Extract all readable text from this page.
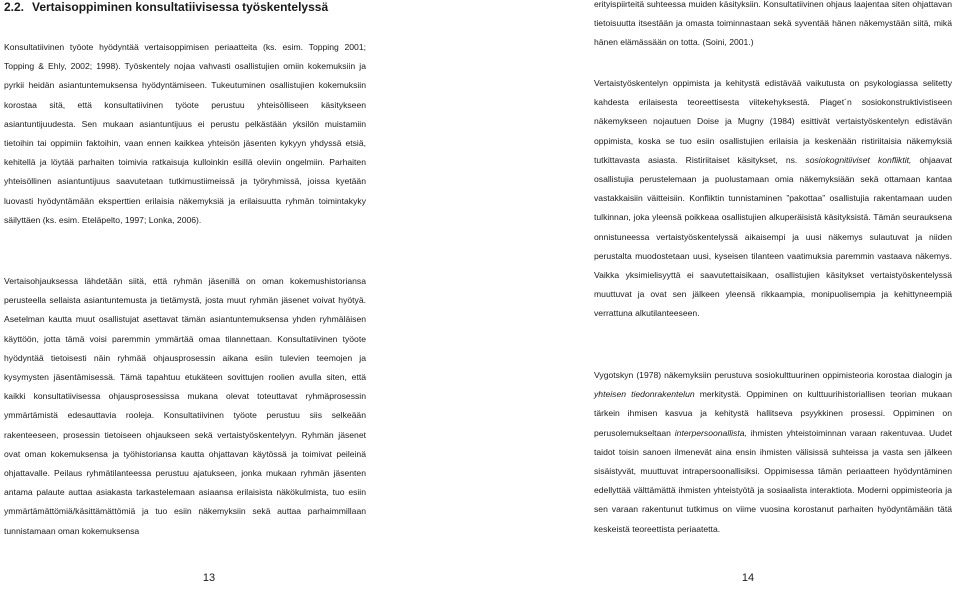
2.2. Vertaisoppiminen konsultatiivisessa työskentelyssä

Konsultatiivinen työote hyödyntää vertaisoppimisen periaatteita (ks. esim. Topping 2001; Topping & Ehly, 2002; 1998). Työskentely nojaa vahvasti osallistujien omiin kokemuksiin ja pyrkii heidän asiantuntemuksensa hyödyntämiseen. Tukeutuminen osallistujien kokemuksiin korostaa sitä, että konsultatiivinen työote perustuu yhteisölliseen käsitykseen asiantuntijuudesta. Sen mukaan asiantuntijuus ei perustu pelkästään yksilön muistamiin tietoihin tai oppimiin faktoihin, vaan ennen kaikkea yhteisön jäsenten kykyyn yhdyssä etsiä, kehitellä ja löytää parhaiten toimivia ratkaisuja kulloinkin esillä oleviin ongelmiin. Parhaiten yhteisöllinen asiantuntijuus saavutetaan tutkimustiimeissä ja työryhmissä, joissa kyetään luovasti hyödyntämään eksperttien erilaisia näkemyksiä ja erilaisuutta ryhmän toimintakyky säilyttäen (ks. esim. Eteläpelto, 1997; Lonka, 2006).

Vertaisohjauksessa lähdetään siitä, että ryhmän jäsenillä on oman kokemushistoriansa perusteella sellaista asiantuntemusta ja tietämystä, josta muut ryhmän jäsenet voivat hyötyä. Asetelman kautta muut osallistujat asettavat tämän asiantuntemuksensa yhden ryhmäläisen käyttöön, jotta tämä voisi paremmin ymmärtää omaa tilannettaan. Konsultatiivinen työote hyödyntää tietoisesti näin ryhmää ohjausprosessin aikana esiin tulevien teemojen ja kysymysten jäsentämisessä. Tämä tapahtuu etukäteen sovittujen roolien avulla siten, että kaikki konsultatiivisessa ohjausprosessissa mukana olevat toteuttavat ryhmäprosessin ymmärtämistä edesauttavia rooleja. Konsultatiivinen työote perustuu siis selkeään rakenteeseen, prosessin tietoiseen ohjaukseen sekä vertaistyöskentelyyn. Ryhmän jäsenet ovat oman kokemuksensa ja työhistoriansa kautta ohjattavan käytössä ja toimivat peileinä ohjattavalle. Peilaus ryhmätilanteessa perustuu ajatukseen, jonka mukaan ryhmän jäsenten antama palaute auttaa asiakasta tarkastelemaan asiaansa erilaisista näkökulmista, tuo esiin ymmärtämättömiä/käsittämättömiä ja tuo esiin näkemyksiin sekä auttaa parhaimmillaan tunnistamaan oman kokemuksensa

erityispiirteitä suhteessa muiden käsityksiin. Konsultatiivinen ohjaus laajentaa siten ohjattavan tietoisuutta itsestään ja omasta toiminnastaan sekä syventää hänen näkemystään siitä, mikä hänen elämässään on totta. (Soini, 2001.)

Vertaistyöskentelyn oppimista ja kehitystä edistävää vaikutusta on psykologiassa selitetty kahdesta erilaisesta teoreettisesta viitekehyksestä. Piaget´n sosiokonstruktivistiseen näkemykseen nojautuen Doise ja Mugny (1984) esittivät vertaistyöskentelyn edistävän oppimista, koska se tuo esiin osallistujien erilaisia ja keskenään ristiriitaisia näkemyksiä tutkittavasta asiasta. Ristiriitaiset käsitykset, ns. sosiokognitiiviset konfliktit, ohjaavat osallistujia perustelemaan ja puolustamaan omia näkemyksiään sekä ottamaan kantaa vastakkaisiin väitteisiin. Konfliktin tunnistaminen ”pakottaa” osallistujia rakentamaan uuden tulkinnan, joka yleensä poikkeaa osallistujien alkuperäisistä käsityksistä. Tämän seurauksena onnistuneessa vertaistyöskentelyssä aikaisempi ja uusi näkemys sulautuvat ja niiden perustalta muodostetaan uusi, kyseisen tilanteen vaatimuksia paremmin vastaava näkemys. Vaikka yksimielisyyttä ei saavutettaisikaan, osallistujien käsitykset vertaistyöskentelyssä muuttuvat ja ovat sen jälkeen yleensä rikkaampia, monipuolisempia ja kehittyneempiä verrattuna alkutilanteeseen.

Vygotskyn (1978) näkemyksiin perustuva sosiokulttuurinen oppimisteoria korostaa dialogin ja yhteisen tiedonrakentelun merkitystä. Oppiminen on kulttuurihistoriallisen teorian mukaan tärkein ihmisen kasvua ja kehitystä hallitseva psyykkinen prosessi. Oppiminen on perusolemukseltaan interpersoonallista, ihmisten yhteistoiminnan varaan rakentuvaa. Uudet taidot toisin sanoen ilmenevät aina ensin ihmisten välisissä suhteissa ja vasta sen jälkeen sisäistyvät, muuttuvat intrapersoonallisiksi. Oppimisessa tämän periaatteen hyödyntäminen edellyttää välttämättä ihmisten yhteistyötä ja sosiaalista interaktiota. Moderni oppimisteoria ja sen varaan rakentunut tutkimus on viime vuosina korostanut parhaiten hyödyntämään tätä keskeistä teoreettista periaatetta.

13	14
